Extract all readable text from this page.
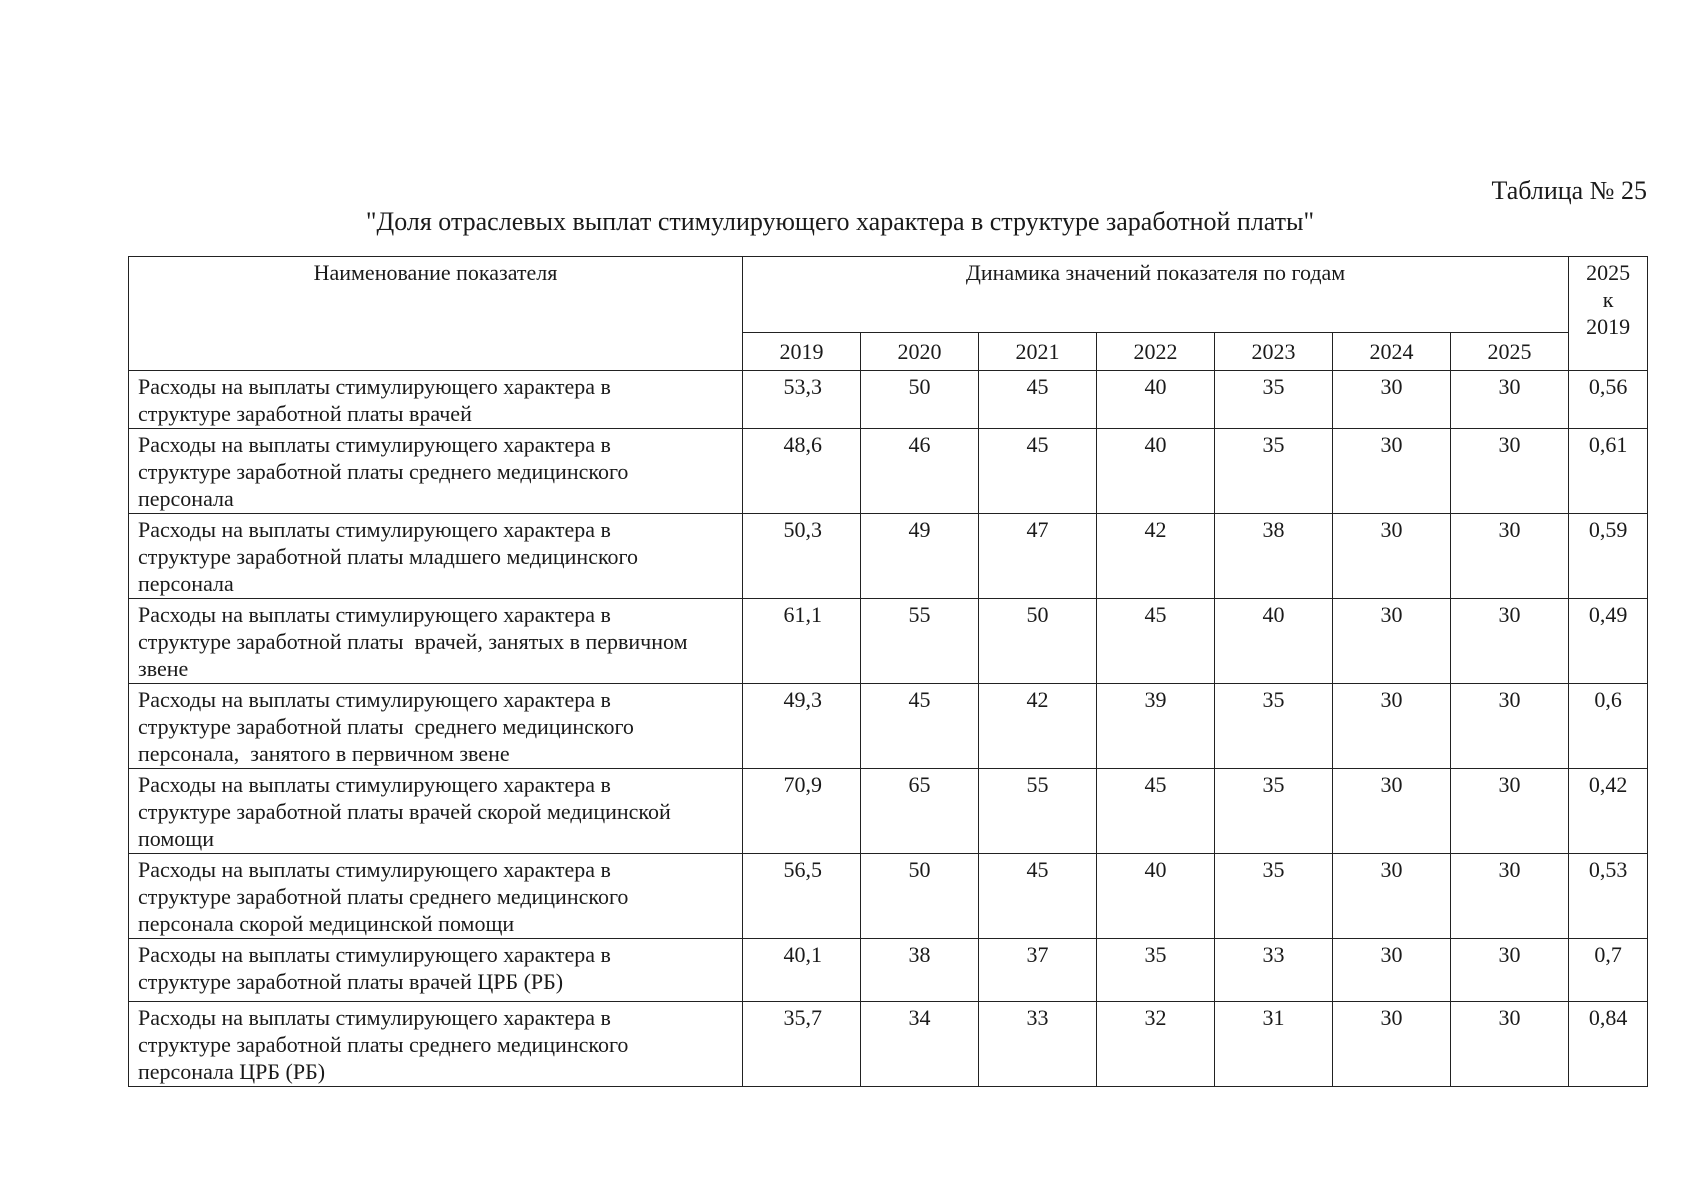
Таблица № 25
"Доля отраслевых выплат стимулирующего характера в структуре заработной платы"
Наименование показателя	Динамика значений показателя по годам							2025
к
2019

	2019	2020	2021	2022	2023	2024	2025	

Расходы на выплаты стимулирующего характера в
структуре заработной платы врачей	53,3	50	45	40	35	30	30	0,56

Расходы на выплаты стимулирующего характера в
структуре заработной платы среднего медицинского
персонала	48,6	46	45	40	35	30	30	0,61

Расходы на выплаты стимулирующего характера в
структуре заработной платы младшего медицинского
персонала	50,3	49	47	42	38	30	30	0,59

Расходы на выплаты стимулирующего характера в
структуре заработной платы  врачей, занятых в первичном
звене	61,1	55	50	45	40	30	30	0,49

Расходы на выплаты стимулирующего характера в
структуре заработной платы  среднего медицинского
персонала,  занятого в первичном звене	49,3	45	42	39	35	30	30	0,6

Расходы на выплаты стимулирующего характера в
структуре заработной платы врачей скорой медицинской
помощи	70,9	65	55	45	35	30	30	0,42

Расходы на выплаты стимулирующего характера в
структуре заработной платы среднего медицинского
персонала скорой медицинской помощи	56,5	50	45	40	35	30	30	0,53

Расходы на выплаты стимулирующего характера в
структуре заработной платы врачей ЦРБ (РБ)	40,1	38	37	35	33	30	30	0,7

Расходы на выплаты стимулирующего характера в
структуре заработной платы среднего медицинского
персонала ЦРБ (РБ)	35,7	34	33	32	31	30	30	0,84
